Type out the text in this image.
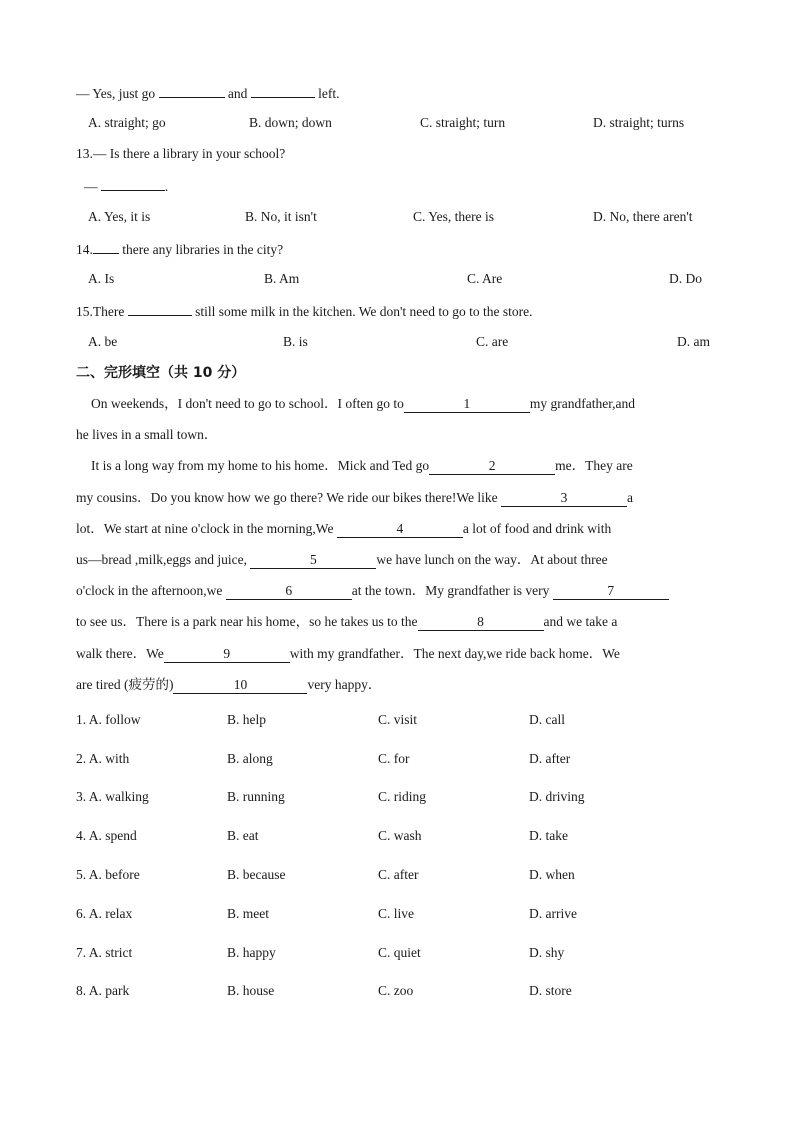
— Yes, just go	and	left.
A. straight; go	B. down; down	C. straight; turn	D. straight; turns
13.— Is there a library in your school?
—	.
A. Yes, it is	B. No, it isn't	C. Yes, there is	D. No, there aren't
14. there any libraries in the city?
A. Is	B. Am	C. Are	D. Do
15.There	still some milk in the kitchen. We don't need to go to the store.
A. be	B. is	C. are	D. am
二、完形填空（共 10 分）
On weekends，I don't need to go to school．I often go to	1	my grandfather,and
he lives in a small town．
It is a long way from my home to his home．Mick and Ted go	2	me．They are
my cousins．Do you know how we go there? We ride our bikes there!We like	3	a
lot．We start at nine o'clock in the morning,We	4	a lot of food and drink with
us—bread ,milk,eggs and juice,	5	we have lunch on the way．At about three
o'clock in the afternoon,we	6	at the town．My grandfather is very	7
to see us．There is a park near his home，so he takes us to the	8	and we take a
walk there．We	9	with my grandfather．The next day,we ride back home．We
are tired (疲劳的)	10	very happy．
1. A. follow	B. help	C. visit	D. call
2. A. with	B. along	C. for	D. after
3. A. walking	B. running	C. riding	D. driving
4. A. spend	B. eat	C. wash	D. take
5. A. before	B. because	C. after	D. when
6. A. relax	B. meet	C. live	D. arrive
7. A. strict	B. happy	C. quiet	D. shy
8. A. park	B. house	C. zoo	D. store
